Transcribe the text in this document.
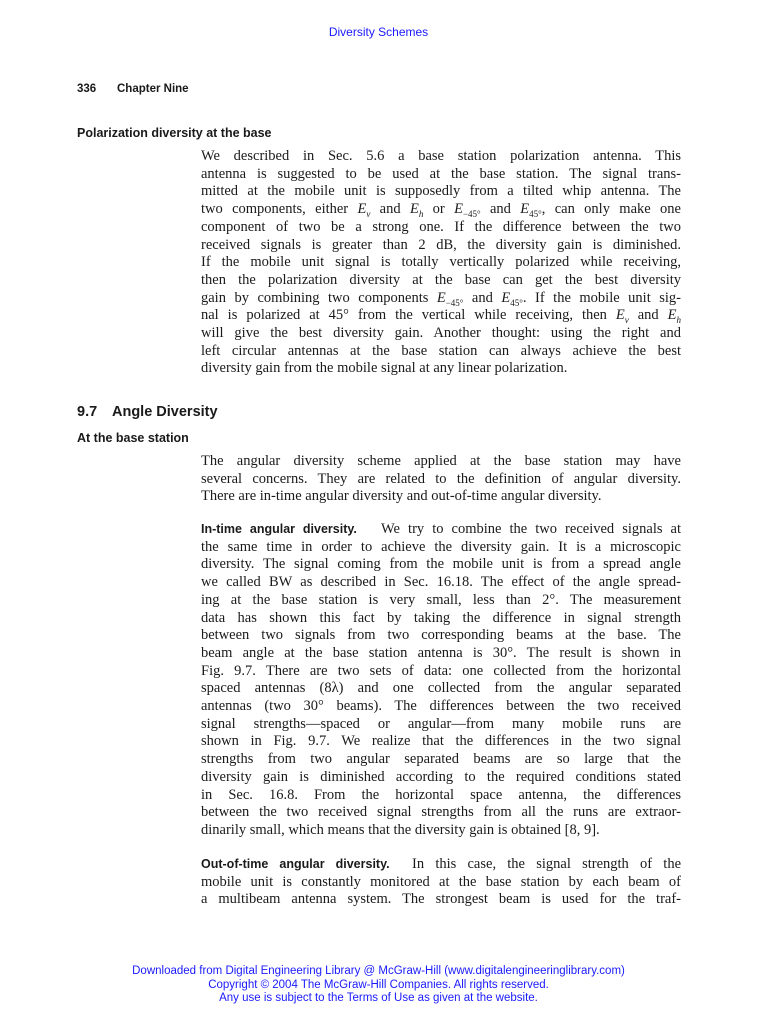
Diversity Schemes
336 Chapter Nine
Polarization diversity at the base
We described in Sec. 5.6 a base station polarization antenna. This
antenna is suggested to be used at the base station. The signal trans-
mitted at the mobile unit is supposedly from a tilted whip antenna. The
two components, either $E_v$ and $E_h$ or $E_{-45^\circ}$ and $E_{45^\circ}$, can only make one
component of two be a strong one. If the difference between the two
received signals is greater than 2 dB, the diversity gain is diminished.
If the mobile unit signal is totally vertically polarized while receiving,
then the polarization diversity at the base can get the best diversity
gain by combining two components $E_{-45^\circ}$ and $E_{45^\circ}$. If the mobile unit sig-
nal is polarized at 45° from the vertical while receiving, then $E_v$ and $E_h$
will give the best diversity gain. Another thought: using the right and
left circular antennas at the base station can always achieve the best
diversity gain from the mobile signal at any linear polarization.
9.7 Angle Diversity
At the base station
The angular diversity scheme applied at the base station may have
several concerns. They are related to the definition of angular diversity.
There are in-time angular diversity and out-of-time angular diversity.
In-time angular diversity. We try to combine the two received signals at
the same time in order to achieve the diversity gain. It is a microscopic
diversity. The signal coming from the mobile unit is from a spread angle
we called BW as described in Sec. 16.18. The effect of the angle spread-
ing at the base station is very small, less than 2°. The measurement
data has shown this fact by taking the difference in signal strength
between two signals from two corresponding beams at the base. The
beam angle at the base station antenna is 30°. The result is shown in
Fig. 9.7. There are two sets of data: one collected from the horizontal
spaced antennas (8λ) and one collected from the angular separated
antennas (two 30° beams). The differences between the two received
signal strengths—spaced or angular—from many mobile runs are
shown in Fig. 9.7. We realize that the differences in the two signal
strengths from two angular separated beams are so large that the
diversity gain is diminished according to the required conditions stated
in Sec. 16.8. From the horizontal space antenna, the differences
between the two received signal strengths from all the runs are extraor-
dinarily small, which means that the diversity gain is obtained [8, 9].
Out-of-time angular diversity. In this case, the signal strength of the
mobile unit is constantly monitored at the base station by each beam of
a multibeam antenna system. The strongest beam is used for the traf-
Downloaded from Digital Engineering Library @ McGraw-Hill (www.digitalengineeringlibrary.com)
Copyright © 2004 The McGraw-Hill Companies. All rights reserved.
Any use is subject to the Terms of Use as given at the website.
